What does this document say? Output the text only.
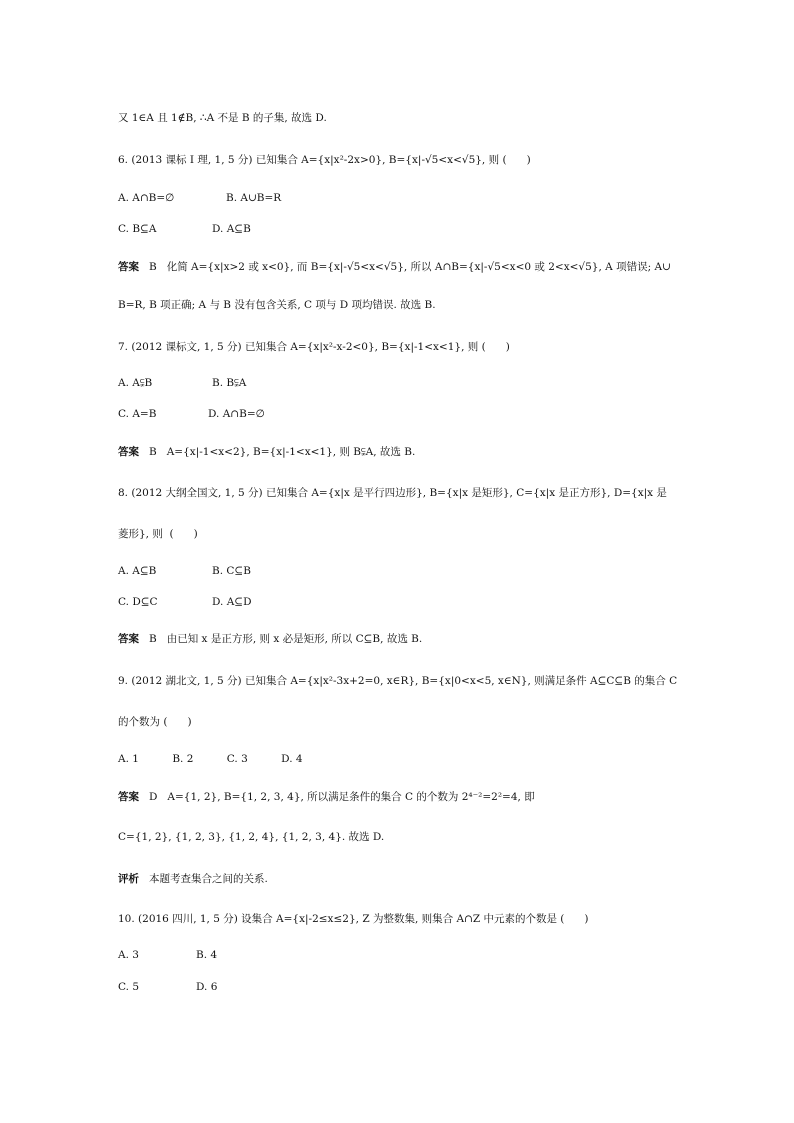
又 1∈A 且 1∉B, ∴A 不是 B 的子集, 故选 D.
6. (2013 课标 Ⅰ 理, 1, 5 分) 已知集合 A={x|x²-2x>0}, B={x|-√5<x<√5}, 则 (      )
答案 B 化简 A={x|x>2 或 x<0}, 而 B={x|-√5<x<√5}, 所以 A∩B={x|-√5<x<0 或 2<x<√5}, A 项错误; A∪
B=R, B 项正确; A 与 B 没有包含关系, C 项与 D 项均错误. 故选 B.
7. (2012 课标文, 1, 5 分) 已知集合 A={x|x²-x-2<0}, B={x|-1<x<1}, 则 (      )
答案 B A={x|-1<x<2}, B={x|-1<x<1}, 则 B⫋A, 故选 B.
8. (2012 大纲全国文, 1, 5 分) 已知集合 A={x|x 是平行四边形}, B={x|x 是矩形}, C={x|x 是正方形}, D={x|x 是
菱形}, 则  (      )
答案 B 由已知 x 是正方形, 则 x 必是矩形, 所以 C⊆B, 故选 B.
9. (2012 湖北文, 1, 5 分) 已知集合 A={x|x²-3x+2=0, x∈R}, B={x|0<x<5, x∈N}, 则满足条件 A⊆C⊆B 的集合 C
的个数为 (      )
A. 1          B. 2          C. 3          D. 4
答案 D A={1, 2}, B={1, 2, 3, 4}, 所以满足条件的集合 C 的个数为 2⁴⁻²=2²=4, 即
C={1, 2}, {1, 2, 3}, {1, 2, 4}, {1, 2, 3, 4}. 故选 D.
评析 本题考查集合之间的关系.
10. (2016 四川, 1, 5 分) 设集合 A={x|-2≤x≤2}, Z 为整数集, 则集合 A∩Z 中元素的个数是 (      )
A. A∩B=∅	B. A∪B=R
C. B⊆A	D. A⊆B
A. A⫋B	B. B⫋A
C. A=B	D. A∩B=∅
A. A⊆B	B. C⊆B
C. D⊆C	D. A⊆D
A. 3	B. 4
C. 5	D. 6
